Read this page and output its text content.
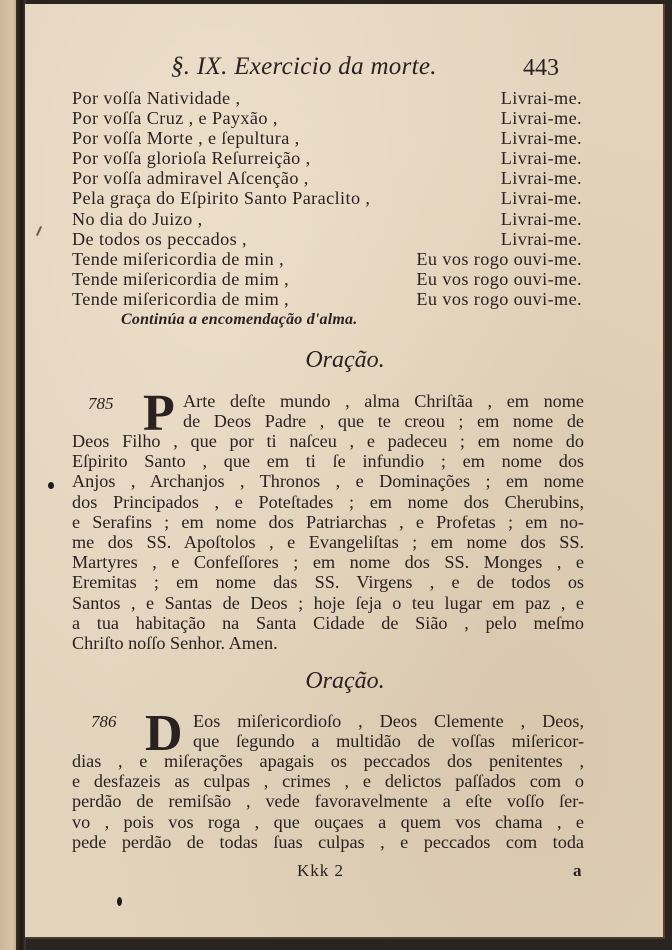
§. IX. Exercicio da morte.	443
Por voſſa Natividade ,	Livrai-me.
Por voſſa Cruz , e Payxão ,	Livrai-me.
Por voſſa Morte , e ſepultura ,	Livrai-me.
Por voſſa glorioſa Reſurreição ,	Livrai-me.
Por voſſa admiravel Aſcenção ,	Livrai-me.
Pela graça do Eſpirito Santo Paraclito ,	Livrai-me.
No dia do Juizo ,	Livrai-me.
De todos os peccados ,	Livrai-me.
Tende miſericordia de min ,	Eu vos rogo ouvi-me.
Tende miſericordia de mim ,	Eu vos rogo ouvi-me.
Tende miſericordia de mim ,	Eu vos rogo ouvi-me.
Continúa a encomendação d'alma.
Oração.
785 P Arte deſte mundo , alma Chriſtãa , em nome
de Deos Padre , que te creou ; em nome de
Deos Filho , que por ti naſceu , e padeceu ; em nome do
Eſpirito Santo , que em ti ſe infundio ; em nome dos
Anjos , Archanjos , Thronos , e Dominações ; em nome
dos Principados , e Poteſtades ; em nome dos Cherubins,
e Serafins ; em nome dos Patriarchas , e Profetas ; em no-
me dos SS. Apoſtolos , e Evangeliſtas ; em nome dos SS.
Martyres , e Confeſſores ; em nome dos SS. Monges , e
Eremitas ; em nome das SS. Virgens , e de todos os
Santos , e Santas de Deos ; hoje ſeja o teu lugar em paz , e
a tua habitação na Santa Cidade de Sião , pelo meſmo
Chriſto noſſo Senhor. Amen.
Oração.
786 D Eos miſericordioſo , Deos Clemente , Deos,
que ſegundo a multidão de voſſas miſericor-
dias , e miſerações apagais os peccados dos penitentes ,
e desfazeis as culpas , crimes , e delictos paſſados com o
perdão de remiſsão , vede favoravelmente a eſte voſſo ſer-
vo , pois vos roga , que ouçaes a quem vos chama , e
pede perdão de todas ſuas culpas , e peccados com toda
Kkk 2	a
